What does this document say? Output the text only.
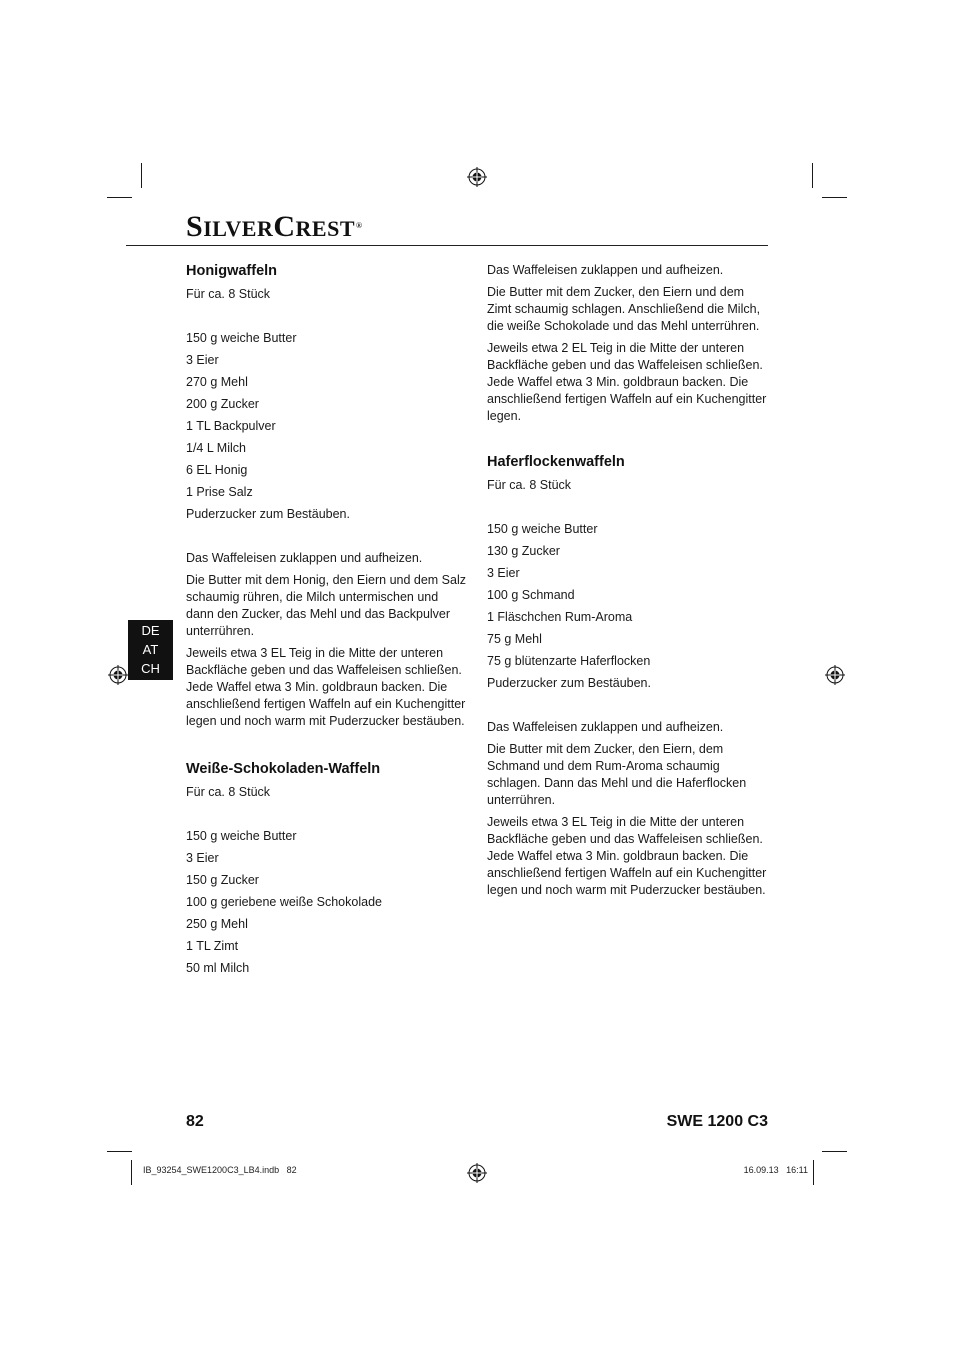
SILVERCREST®
DE
AT
CH
Honigwaffeln
Für ca. 8 Stück
150 g weiche Butter
3 Eier
270 g Mehl
200 g Zucker
1 TL Backpulver
1/4 L Milch
6 EL Honig
1 Prise Salz
Puderzucker zum Bestäuben.

Das Waffeleisen zuklappen und aufheizen.

Die Butter mit dem Honig, den Eiern und dem Salz schaumig rühren, die Milch untermischen und dann den Zucker, das Mehl und das Backpulver unterrühren.

Jeweils etwa 3 EL Teig in die Mitte der unteren Backfläche geben und das Waffeleisen schließen. Jede Waffel etwa 3 Min. goldbraun backen. Die anschließend fertigen Waffeln auf ein Kuchengitter legen und noch warm mit Puderzucker bestäuben.

Weiße-Schokoladen-Waffeln
Für ca. 8 Stück
150 g weiche Butter
3 Eier
150 g Zucker
100 g geriebene weiße Schokolade
250 g Mehl
1 TL Zimt
50 ml Milch

Das Waffeleisen zuklappen und aufheizen.

Die Butter mit dem Zucker, den Eiern und dem Zimt schaumig schlagen. Anschließend die Milch, die weiße Schokolade und das Mehl unterrühren.

Jeweils etwa 2 EL Teig in die Mitte der unteren Backfläche geben und das Waffeleisen schließen. Jede Waffel etwa 3 Min. goldbraun backen. Die anschließend fertigen Waffeln auf ein Kuchengitter legen.

Haferflockenwaffeln
Für ca. 8 Stück
150 g weiche Butter
130 g Zucker
3 Eier
100 g Schmand
1 Fläschchen Rum-Aroma
75 g Mehl
75 g blütenzarte Haferflocken
Puderzucker zum Bestäuben.

Das Waffeleisen zuklappen und aufheizen.

Die Butter mit dem Zucker, den Eiern, dem Schmand und dem Rum-Aroma schaumig schlagen. Dann das Mehl und die Haferflocken unterrühren.

Jeweils etwa 3 EL Teig in die Mitte der unteren Backfläche geben und das Waffeleisen schließen. Jede Waffel etwa 3 Min. goldbraun backen. Die anschließend fertigen Waffeln auf ein Kuchengitter legen und noch warm mit Puderzucker bestäuben.

82	SWE 1200 C3
IB_93254_SWE1200C3_LB4.indb   82	16.09.13   16:11
